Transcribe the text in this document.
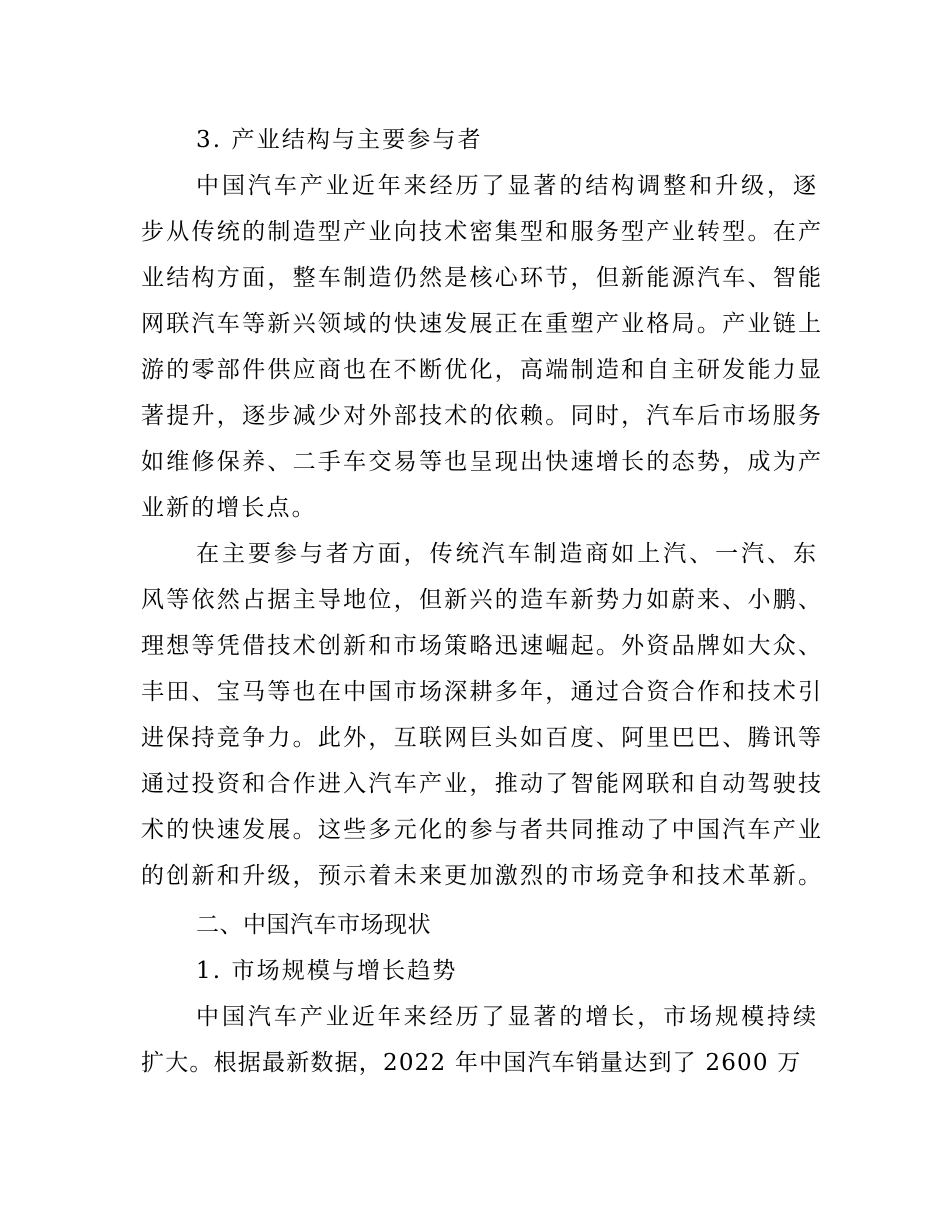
3. 产业结构与主要参与者
中国汽车产业近年来经历了显著的结构调整和升级，逐
步从传统的制造型产业向技术密集型和服务型产业转型。在产
业结构方面，整车制造仍然是核心环节，但新能源汽车、智能
网联汽车等新兴领域的快速发展正在重塑产业格局。产业链上
游的零部件供应商也在不断优化，高端制造和自主研发能力显
著提升，逐步减少对外部技术的依赖。同时，汽车后市场服务
如维修保养、二手车交易等也呈现出快速增长的态势，成为产
业新的增长点。
在主要参与者方面，传统汽车制造商如上汽、一汽、东
风等依然占据主导地位，但新兴的造车新势力如蔚来、小鹏、
理想等凭借技术创新和市场策略迅速崛起。外资品牌如大众、
丰田、宝马等也在中国市场深耕多年，通过合资合作和技术引
进保持竞争力。此外，互联网巨头如百度、阿里巴巴、腾讯等
通过投资和合作进入汽车产业，推动了智能网联和自动驾驶技
术的快速发展。这些多元化的参与者共同推动了中国汽车产业
的创新和升级，预示着未来更加激烈的市场竞争和技术革新。
二、中国汽车市场现状
1. 市场规模与增长趋势
中国汽车产业近年来经历了显著的增长，市场规模持续
扩大。根据最新数据，2022 年中国汽车销量达到了 2600 万
